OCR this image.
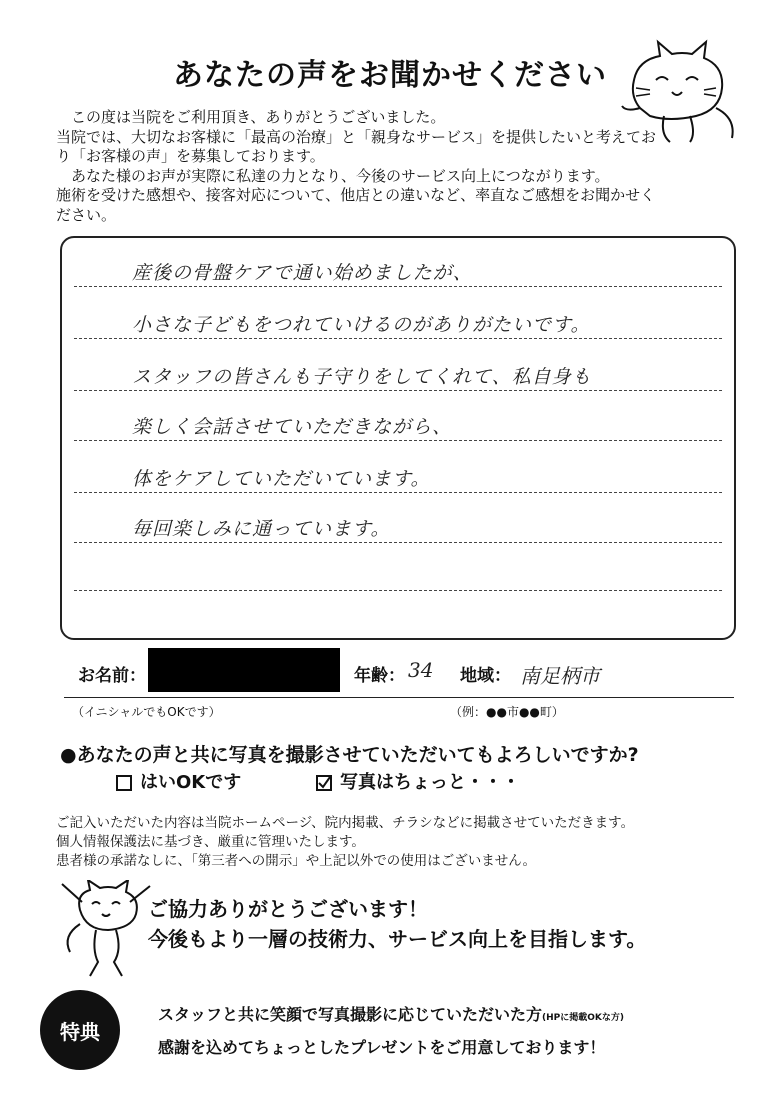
あなたの声をお聞かせください

この度は当院をご利用頂き、ありがとうございました。

当院では、大切なお客様に「最高の治療」と「親身なサービス」を提供したいと考えてお

り「お客様の声」を募集しております。

あなた様のお声が実際に私達の力となり、今後のサービス向上につながります。

施術を受けた感想や、接客対応について、他店との違いなど、率直なご感想をお聞かせく

ださい。

産後の骨盤ケアで通い始めましたが、
小さな子どもをつれていけるのがありがたいです。
スタッフの皆さんも子守りをしてくれて、私自身も
楽しく会話させていただきながら、
体をケアしていただいています。
毎回楽しみに通っています。
お名前：	年齢： 34 地域： 南足柄市
（イニシャルでもOKです）	（例：●●市●●町）
●あなたの声と共に写真を撮影させていただいてもよろしいですか?
はいOKです	写真はちょっと・・・

ご記入いただいた内容は当院ホームページ、院内掲載、チラシなどに掲載させていただきます。

個人情報保護法に基づき、厳重に管理いたします。

患者様の承諾なしに、「第三者への開示」や上記以外での使用はございません。

ご協力ありがとうございます！
今後もより一層の技術力、サービス向上を目指します。
特典
スタッフと共に笑顔で写真撮影に応じていただいた方(HPに掲載OKな方)
感謝を込めてちょっとしたプレゼントをご用意しております！
